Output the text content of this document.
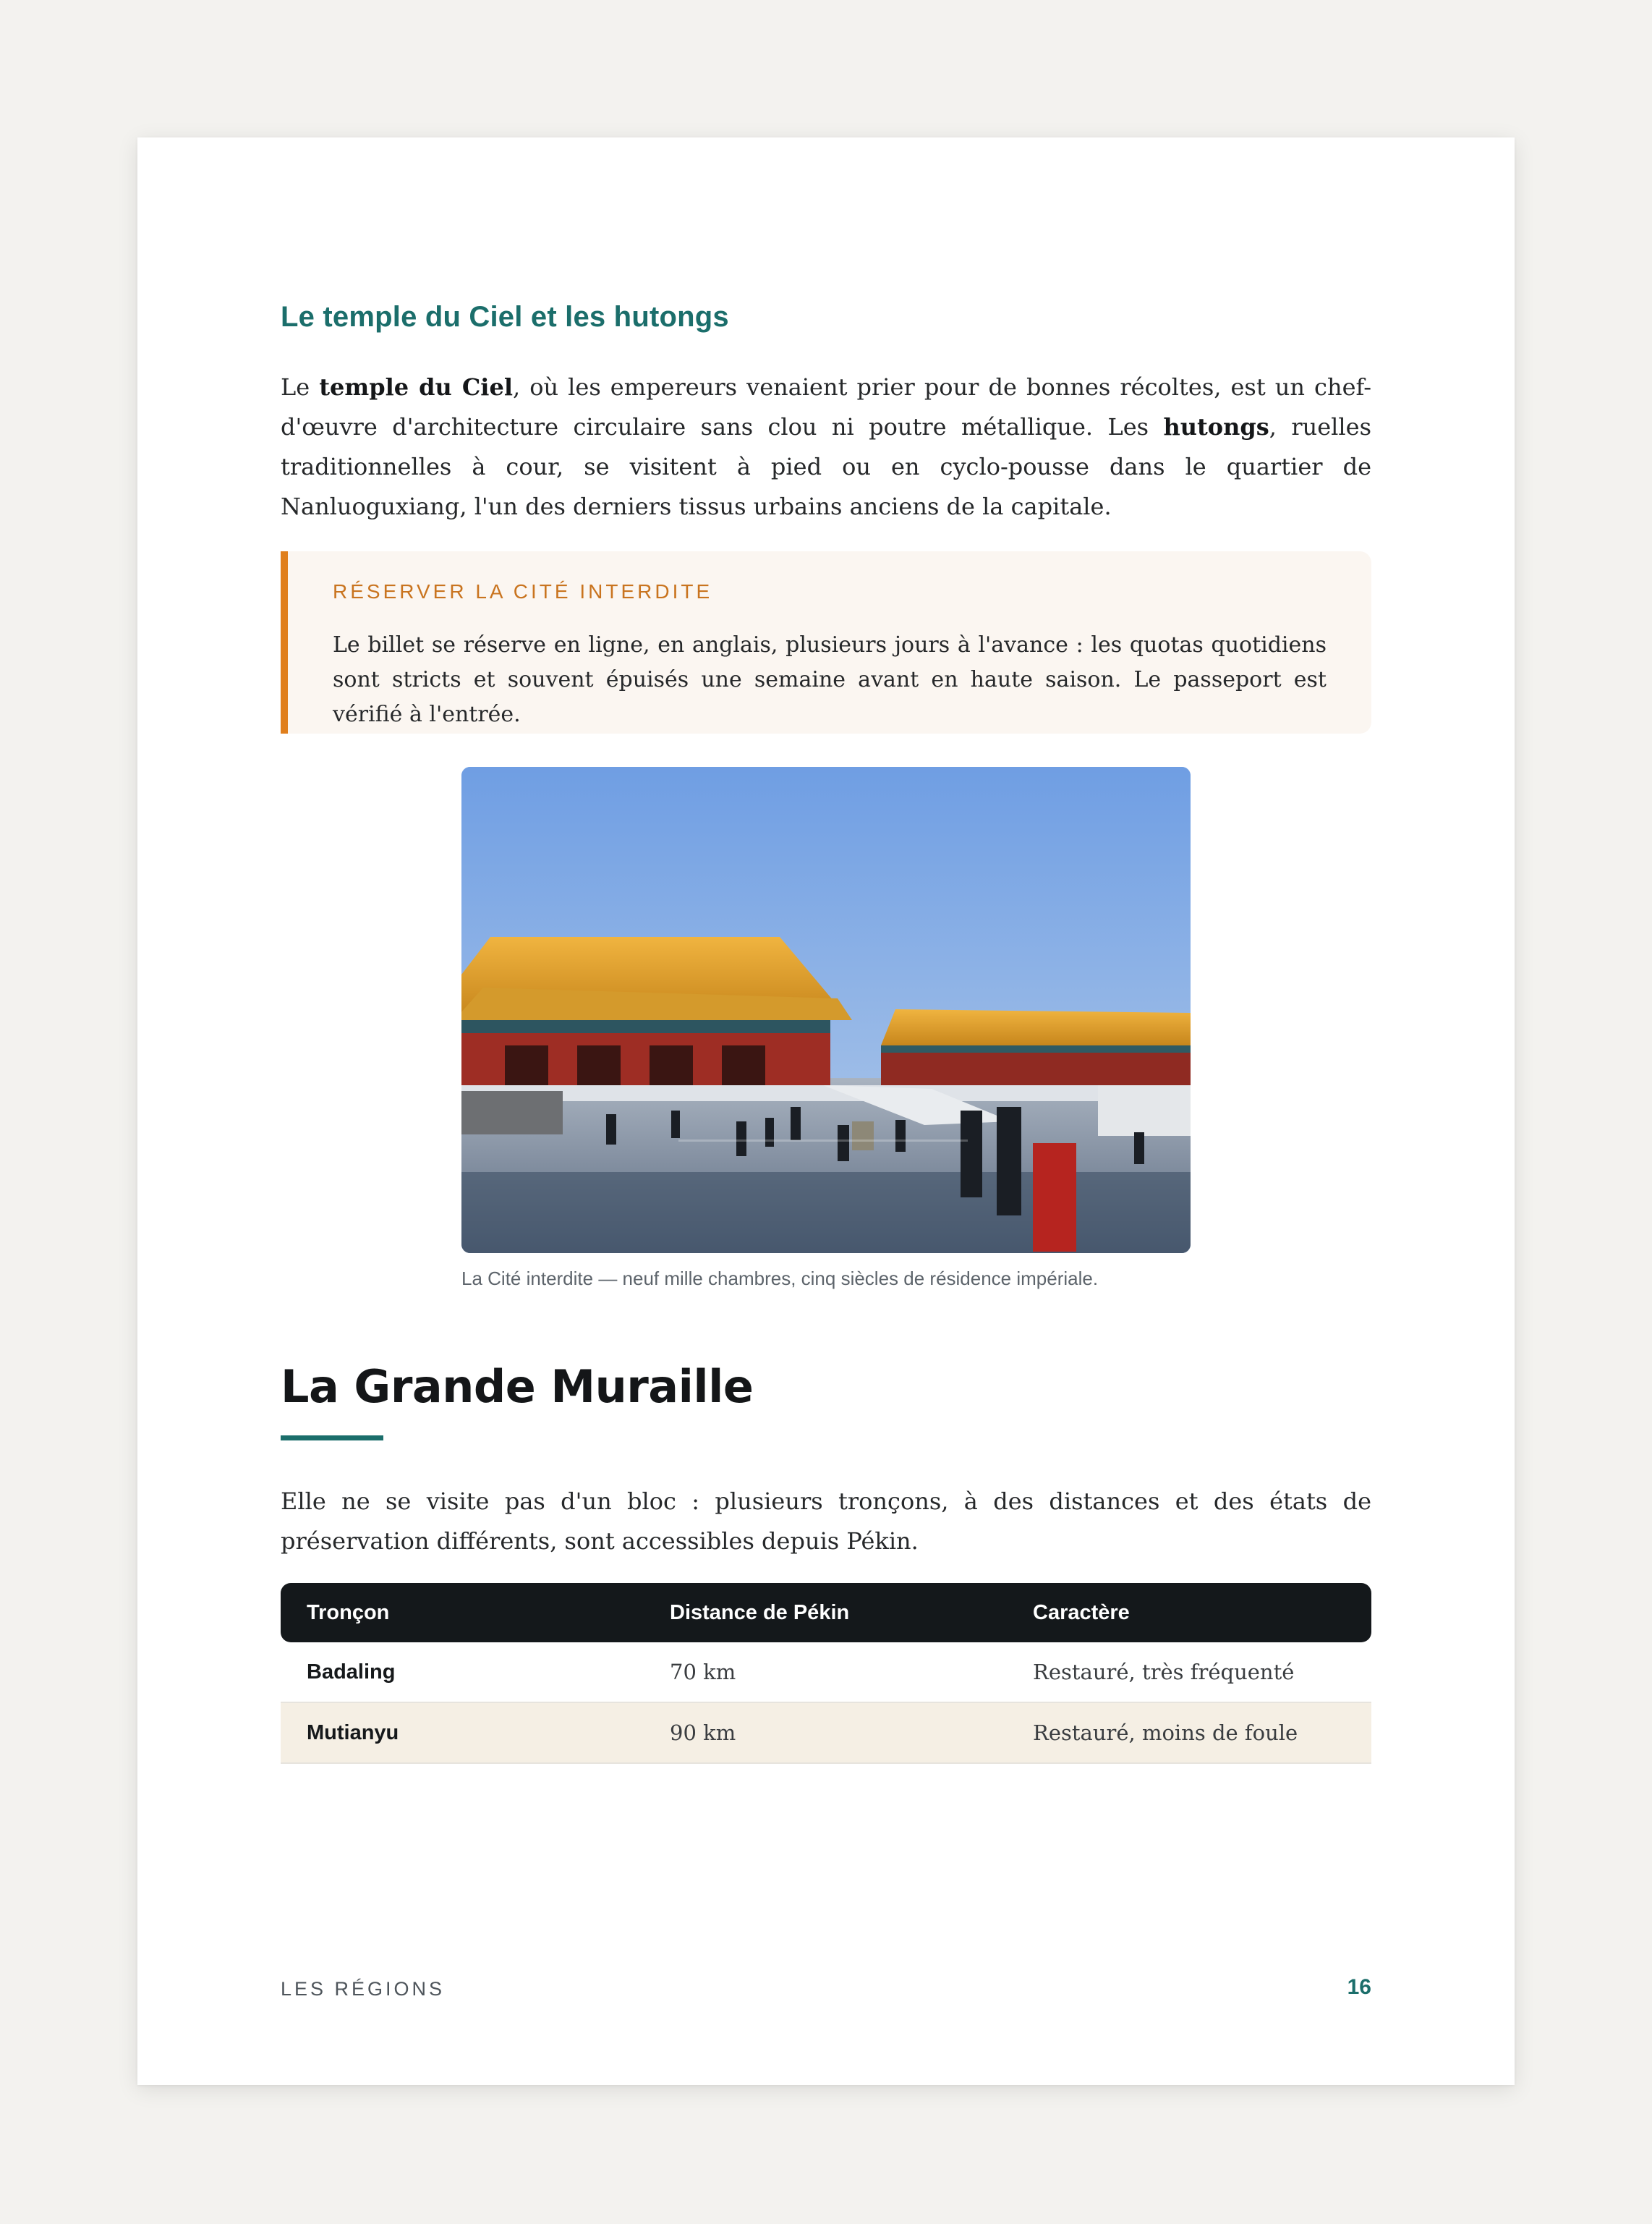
Le temple du Ciel et les hutongs

Le temple du Ciel, où les empereurs venaient prier pour de bonnes récoltes, est un chef-d'œuvre d'architecture circulaire sans clou ni poutre métallique. Les hutongs, ruelles traditionnelles à cour, se visitent à pied ou en cyclo-pousse dans le quartier de Nanluoguxiang, l'un des derniers tissus urbains anciens de la capitale.

RÉSERVER LA CITÉ INTERDITE

Le billet se réserve en ligne, en anglais, plusieurs jours à l'avance : les quotas quotidiens sont stricts et souvent épuisés une semaine avant en haute saison. Le passeport est vérifié à l'entrée.

La Cité interdite — neuf mille chambres, cinq siècles de résidence impériale.

La Grande Muraille

Elle ne se visite pas d'un bloc : plusieurs tronçons, à des distances et des états de préservation différents, sont accessibles depuis Pékin.

Tronçon	Distance de Pékin	Caractère
Badaling	70 km	Restauré, très fréquenté
Mutianyu	90 km	Restauré, moins de foule

LES RÉGIONS	16
